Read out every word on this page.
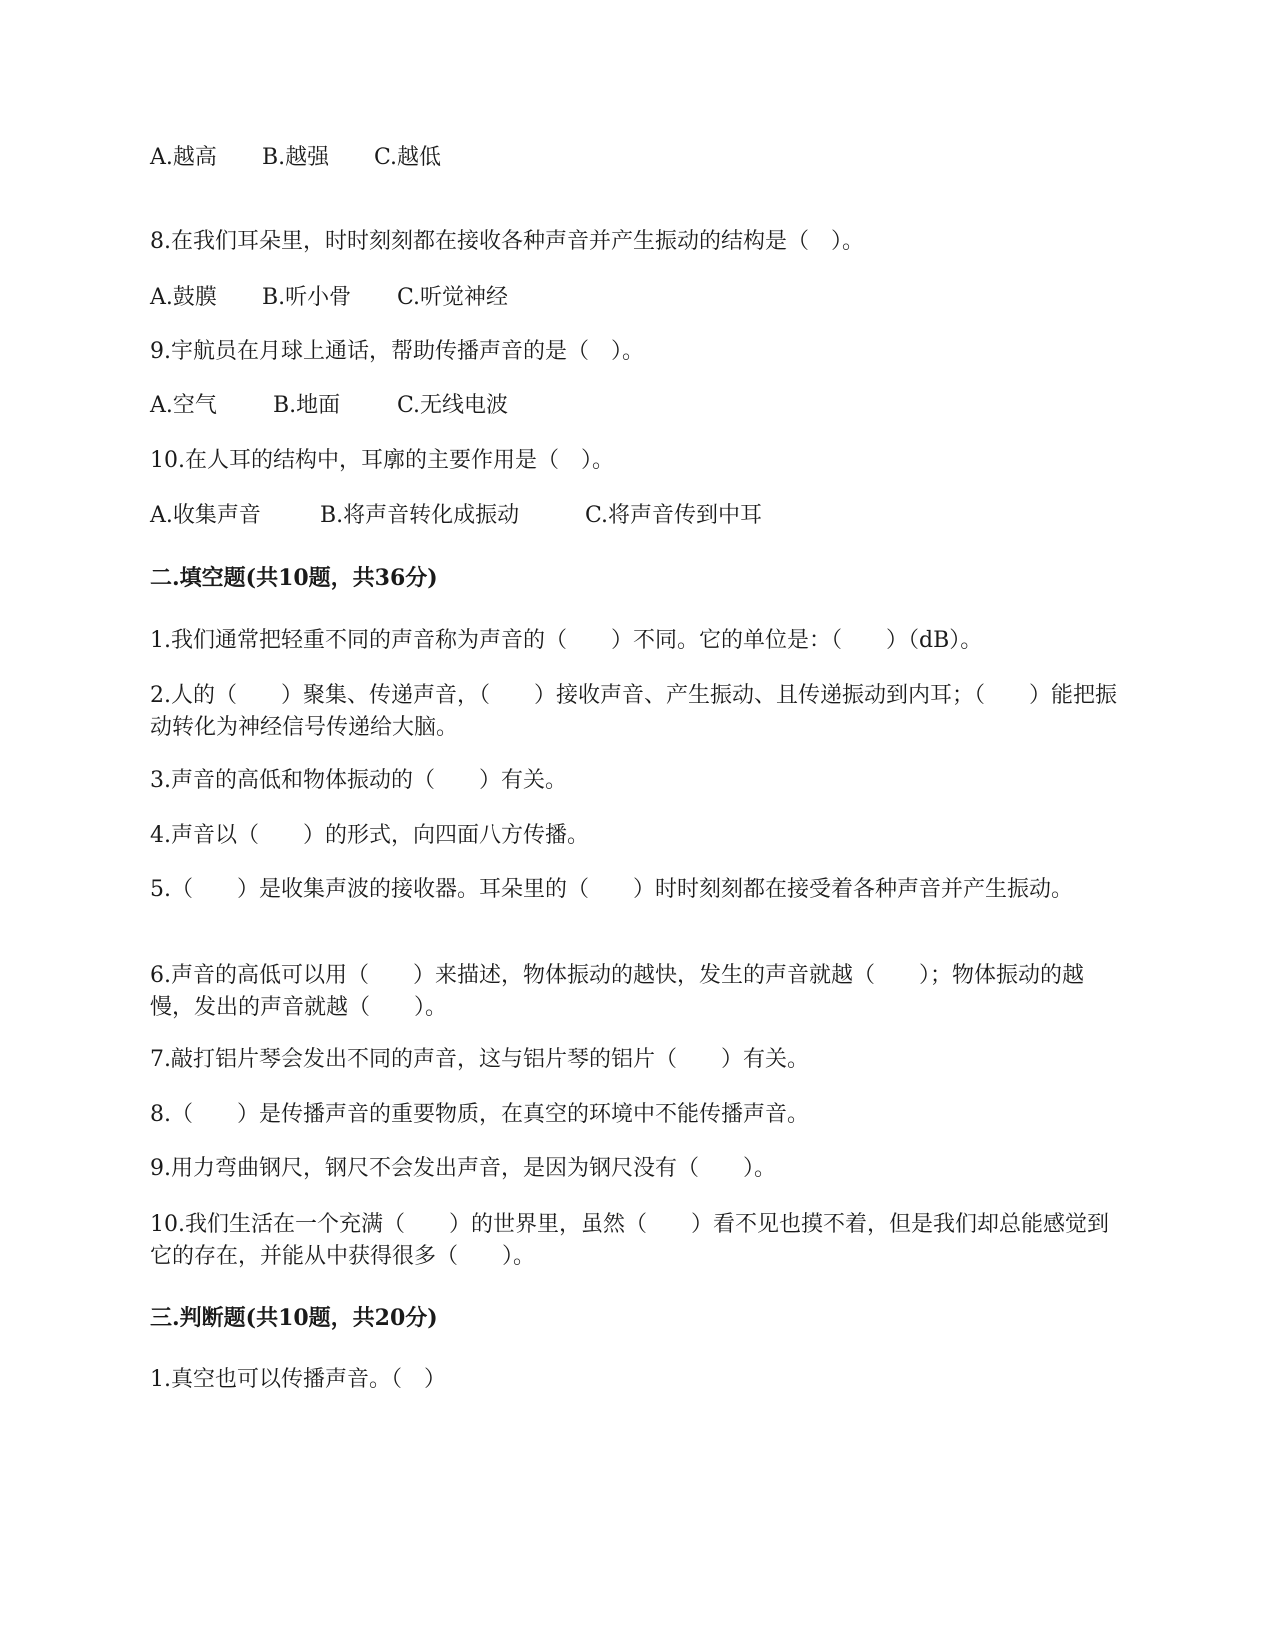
A.越高 B.越强 C.越低
8.在我们耳朵里，时时刻刻都在接收各种声音并产生振动的结构是（　）。
A.鼓膜 B.听小骨 C.听觉神经
9.宇航员在月球上通话，帮助传播声音的是（　）。
A.空气	B.地面	C.无线电波
10.在人耳的结构中，耳廓的主要作用是（　）。
A.收集声音	B.将声音转化成振动	C.将声音传到中耳
二.填空题(共10题，共36分)
1.我们通常把轻重不同的声音称为声音的（　　）不同。它的单位是：（　　）（dB）。
2.人的（　　）聚集、传递声音，（　　）接收声音、产生振动、且传递振动到内耳；（　　）能把振动转化为神经信号传递给大脑。
3.声音的高低和物体振动的（　　）有关。
4.声音以（　　）的形式，向四面八方传播。
5.（　　）是收集声波的接收器。耳朵里的（　　）时时刻刻都在接受着各种声音并产生振动。
6.声音的高低可以用（　　）来描述，物体振动的越快，发生的声音就越（　　）；物体振动的越慢，发出的声音就越（　　）。
7.敲打铝片琴会发出不同的声音，这与铝片琴的铝片（　　）有关。
8.（　　）是传播声音的重要物质，在真空的环境中不能传播声音。
9.用力弯曲钢尺，钢尺不会发出声音，是因为钢尺没有（　　）。
10.我们生活在一个充满（　　）的世界里，虽然（　　）看不见也摸不着，但是我们却总能感觉到它的存在，并能从中获得很多（　　）。
三.判断题(共10题，共20分)
1.真空也可以传播声音。（　）
